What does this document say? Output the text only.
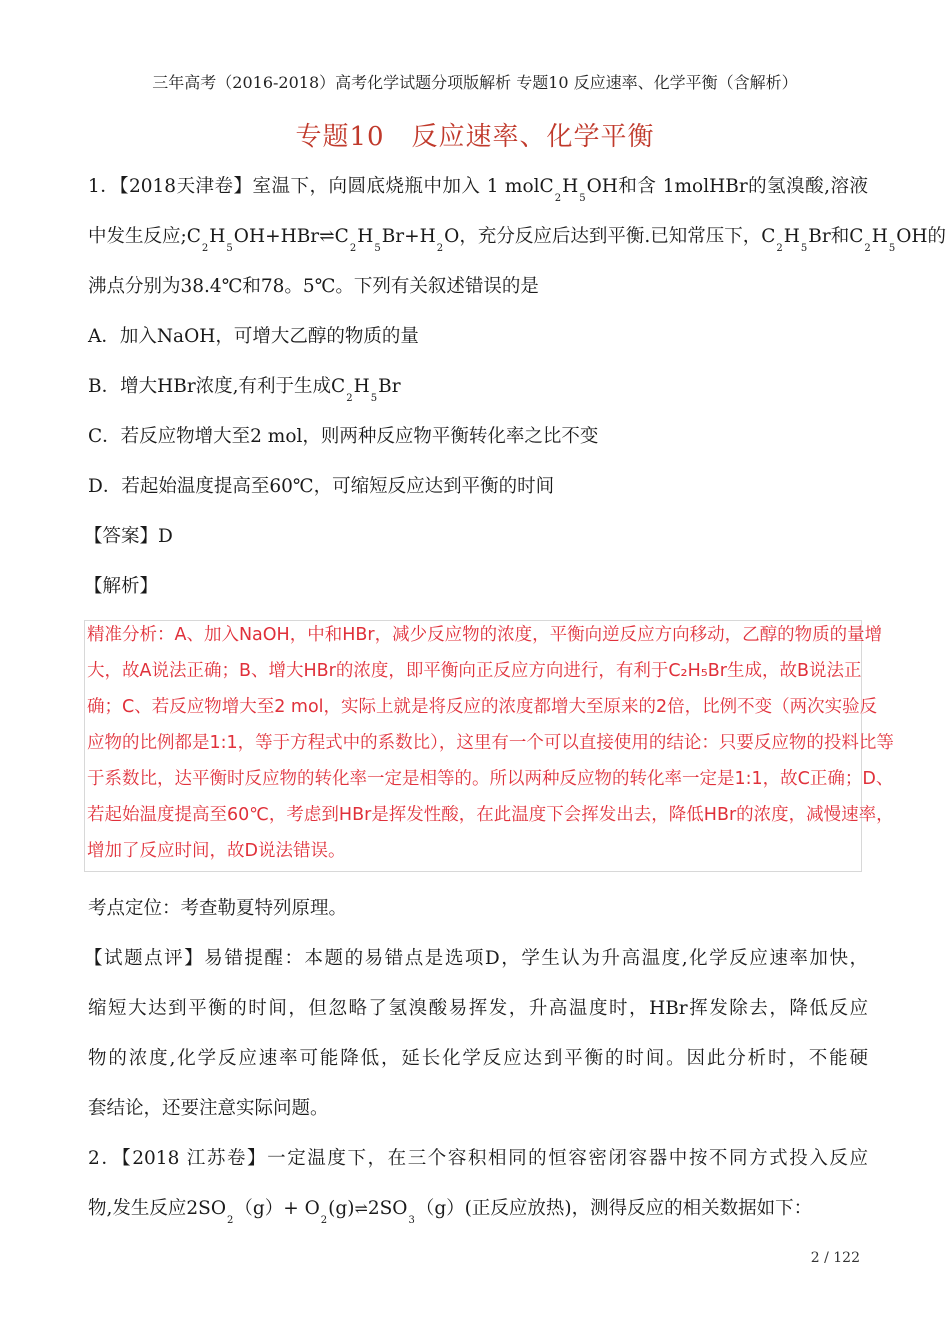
三年高考（2016-2018）高考化学试题分项版解析 专题10 反应速率、化学平衡（含解析）
专题10　反应速率、化学平衡
1．【2018天津卷】室温下，向圆底烧瓶中加入 1 $molC_2H_5OH$和含 1molHBr的氢溴酸,溶液
中发生反应$;C_2H_5OH+HBr\rightleftharpoons C_2H_5Br+H_2O$，充分反应后达到平衡.已知常压下，$C_2H_5Br$和$C_2H_5OH$的
沸点分别为38.4℃和78。5℃。下列有关叙述错误的是
A．加入NaOH，可增大乙醇的物质的量
B．增大HBr浓度,有利于生成$C_2H_5Br$
C．若反应物增大至2 mol，则两种反应物平衡转化率之比不变
D．若起始温度提高至60℃，可缩短反应达到平衡的时间
【答案】D
【解析】
精准分析：A、加入NaOH，中和HBr，减少反应物的浓度，平衡向逆反应方向移动，乙醇的物质的量增
大，故A说法正确；B、增大HBr的浓度，即平衡向正反应方向进行，有利于C₂H₅Br生成，故B说法正
确；C、若反应物增大至2 mol，实际上就是将反应的浓度都增大至原来的2倍，比例不变（两次实验反
应物的比例都是1:1，等于方程式中的系数比），这里有一个可以直接使用的结论：只要反应物的投料比等
于系数比，达平衡时反应物的转化率一定是相等的。所以两种反应物的转化率一定是1:1，故C正确；D、
若起始温度提高至60℃，考虑到HBr是挥发性酸，在此温度下会挥发出去，降低HBr的浓度，减慢速率，
增加了反应时间，故D说法错误。
考点定位：考查勒夏特列原理。
【试题点评】易错提醒：本题的易错点是选项D，学生认为升高温度,化学反应速率加快，
缩短大达到平衡的时间，但忽略了氢溴酸易挥发，升高温度时，HBr挥发除去，降低反应
物的浓度,化学反应速率可能降低，延长化学反应达到平衡的时间。因此分析时，不能硬
套结论，还要注意实际问题。
2．【2018 江苏卷】一定温度下，在三个容积相同的恒容密闭容器中按不同方式投入反应
物,发生反应$2SO_2(g)+$ $O_2(g)\rightleftharpoons 2SO_3(g)$(正反应放热)，测得反应的相关数据如下：
2 / 122
